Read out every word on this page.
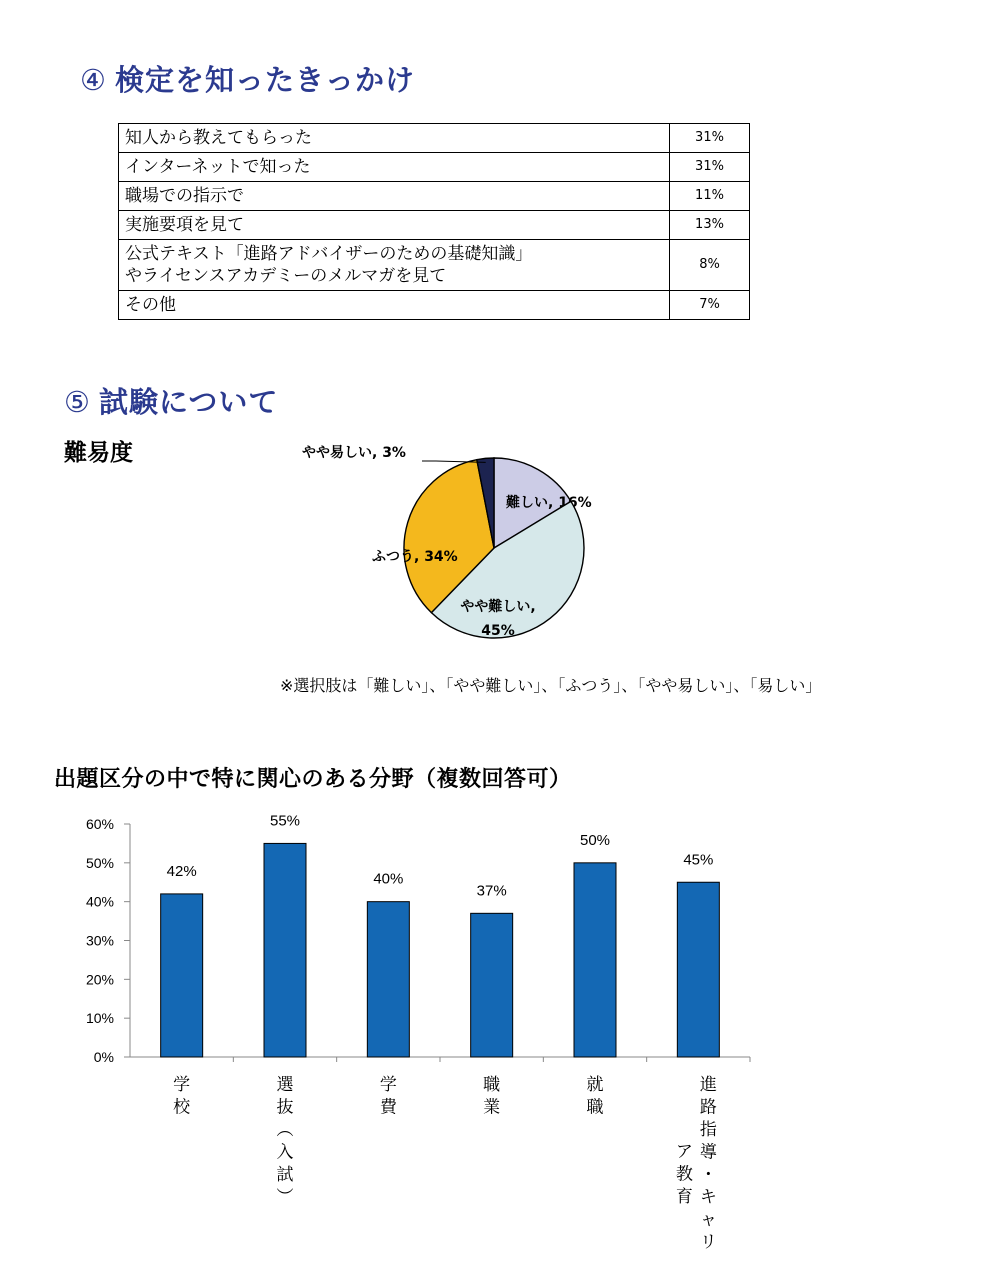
④ 検定を知ったきっかけ
知人から教えてもらった	31%
インターネットで知った	31%
職場での指示で	11%
実施要項を見て	13%
公式テキスト「進路アドバイザーのための基礎知識」
やライセンスアカデミーのメルマガを見て	8%
その他	7%
⑤ 試験について
難易度
難しい, 16%
やや難しい, 45%
ふつう, 34%
やや易しい, 3%
※選択肢は「難しい」、「やや難しい」、「ふつう」、「やや易しい」、「易しい」
出題区分の中で特に関心のある分野（複数回答可）
0%
10%
20%
30%
40%
50%
60%
42%
学
校
55%
選
抜
︵
入
試
︶
40%
学
費
37%
職
業
50%
就
職
45%
進
路
指
導
・
キ
ャ
リ
ア
教
育
